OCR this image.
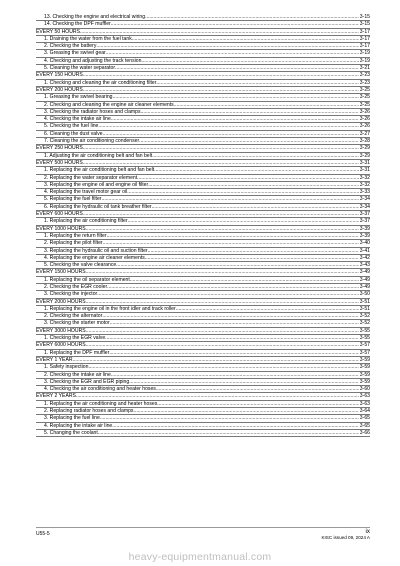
13. Checking the engine and electrical wiring .....	3-15
14. Checking the DPF muffler .....	3-15
EVERY 50 HOURS .....	3-17
1. Draining the water from the fuel tank .....	3-17
2. Checking the battery .....	3-17
3. Greasing the swivel gear .....	3-19
4. Checking and adjusting the track tension .....	3-19
5. Cleaning the water separator .....	3-21
EVERY 150 HOURS .....	3-23
1. Checking and cleaning the air conditioning filter .....	3-23
EVERY 200 HOURS .....	3-25
1. Greasing the swivel bearing .....	3-25
2. Checking and cleaning the engine air cleaner elements .....	3-25
3. Checking the radiator hoses and clamps .....	3-26
4. Checking the intake air line .....	3-26
5. Checking the fuel line .....	3-26
6. Cleaning the dust valve .....	3-27
7. Cleaning the air conditioning condenser .....	3-28
EVERY 250 HOURS .....	3-29
1. Adjusting the air conditioning belt and fan belt .....	3-29
EVERY 500 HOURS .....	3-31
1. Replacing the air conditioning belt and fan belt .....	3-31
2. Replacing the water separator element .....	3-32
3. Replacing the engine oil and engine oil filter .....	3-32
4. Replacing the travel motor gear oil .....	3-33
5. Replacing the fuel filter .....	3-34
6. Replacing the hydraulic oil tank breather filter .....	3-34
EVERY 600 HOURS .....	3-37
1. Replacing the air conditioning filter .....	3-37
EVERY 1000 HOURS .....	3-39
1. Replacing the return filter .....	3-39
2. Replacing the pilot filter .....	3-40
3. Replacing the hydraulic oil and suction filter .....	3-41
4. Replacing the engine air cleaner elements .....	3-42
5. Checking the valve clearance .....	3-43
EVERY 1500 HOURS .....	3-49
1. Replacing the oil separator element .....	3-49
2. Checking the EGR cooler .....	3-49
3. Checking the injector .....	3-50
EVERY 2000 HOURS .....	3-51
1. Replacing the engine oil in the front idler and track roller .....	3-51
2. Checking the alternator .....	3-52
3. Checking the starter motor .....	3-52
EVERY 3000 HOURS .....	3-55
1. Checking the EGR valve .....	3-55
EVERY 6000 HOURS .....	3-57
1. Replacing the DPF muffler .....	3-57
EVERY 1 YEAR .....	3-59
1. Safety inspection .....	3-59
2. Checking the intake air line .....	3-59
3. Checking the EGR and EGR piping .....	3-59
4. Checking the air conditioning and heater hoses .....	3-60
EVERY 2 YEARS .....	3-63
1. Replacing the air conditioning and heater hoses .....	3-63
2. Replacing radiator hoses and clamps .....	3-64
3. Replacing the fuel line .....	3-65
4. Replacing the intake air line .....	3-65
5. Changing the coolant .....	3-66
U55-5	ix
KISC issued 09, 2024 A
heavy-equipmentmanual.com
